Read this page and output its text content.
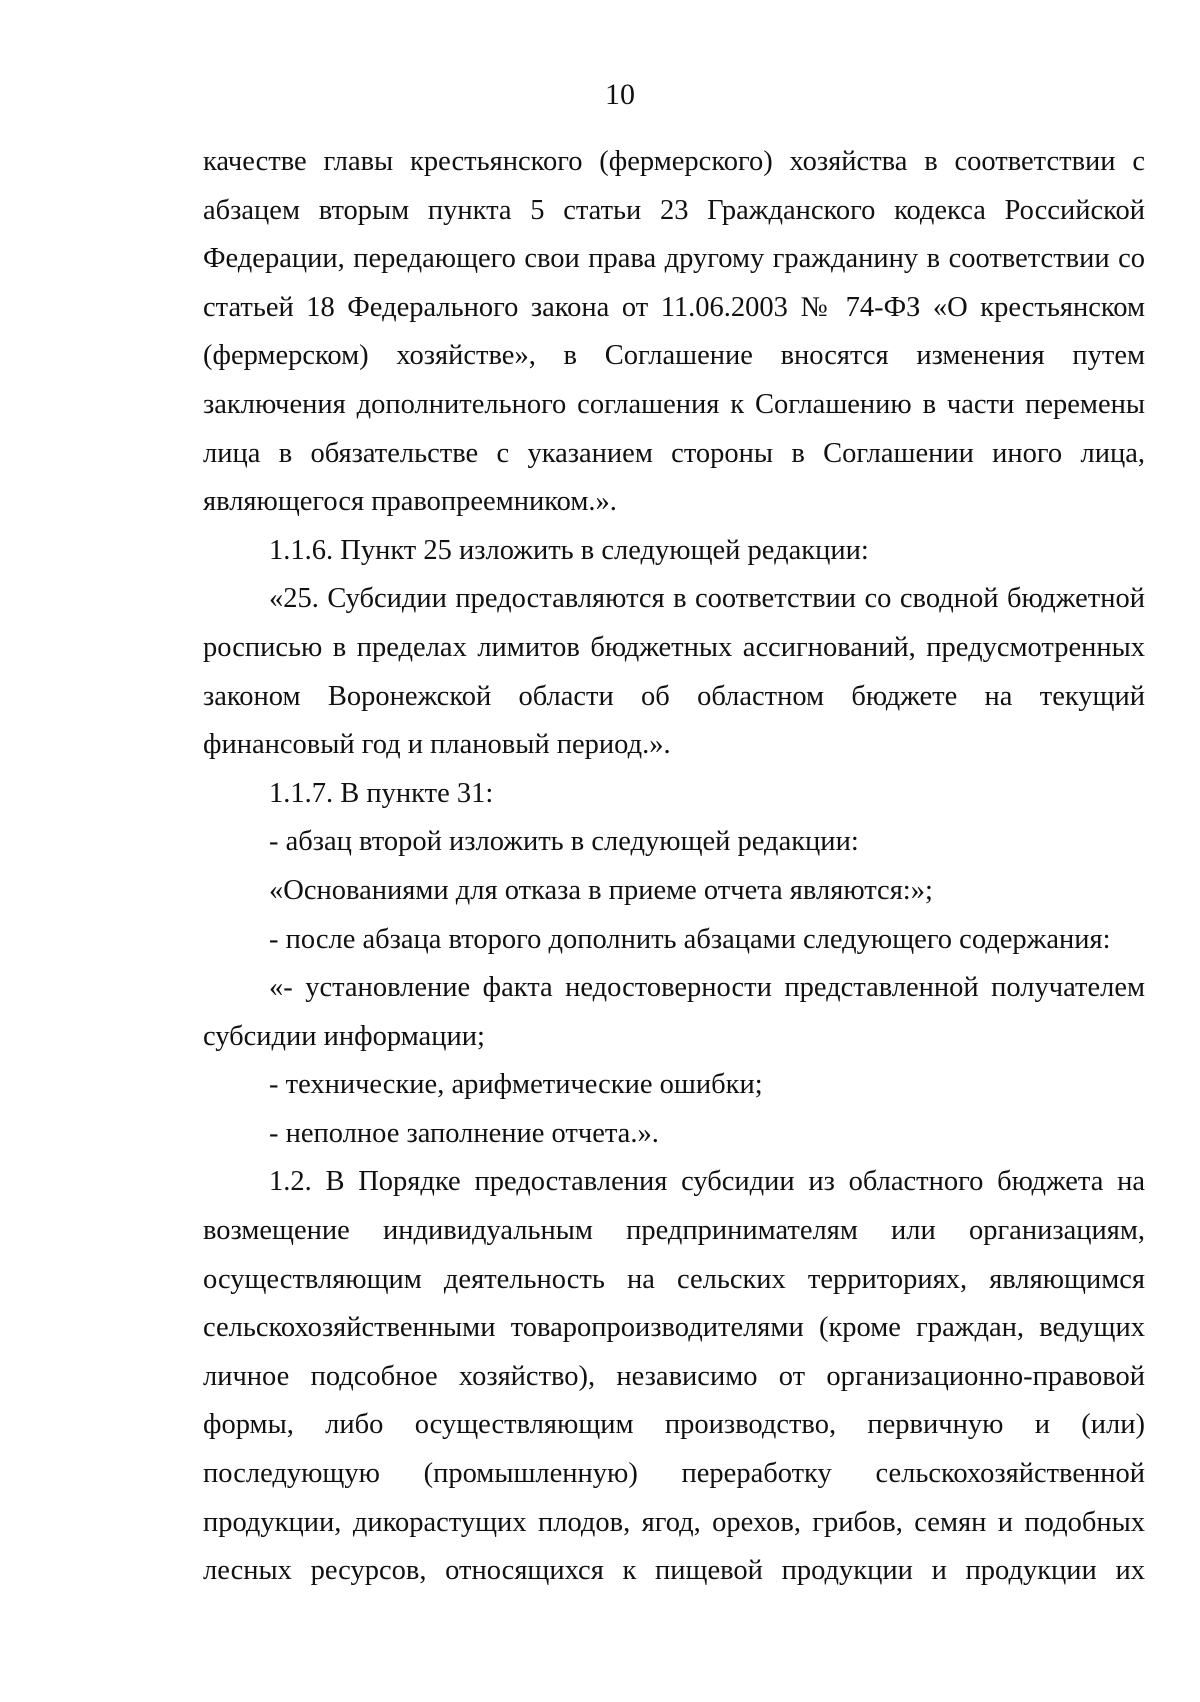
10

качестве главы крестьянского (фермерского) хозяйства в соответствии с абзацем вторым пункта 5 статьи 23 Гражданского кодекса Российской Федерации, передающего свои права другому гражданину в соответствии со статьей 18 Федерального закона от 11.06.2003 № 74-ФЗ «О крестьянском (фермерском) хозяйстве», в Соглашение вносятся изменения путем заключения дополнительного соглашения к Соглашению в части перемены лица в обязательстве с указанием стороны в Соглашении иного лица, являющегося правопреемником.».

1.1.6. Пункт 25 изложить в следующей редакции:

«25. Субсидии предоставляются в соответствии со сводной бюджетной росписью в пределах лимитов бюджетных ассигнований, предусмотренных законом Воронежской области об областном бюджете на текущий финансовый год и плановый период.».

1.1.7. В пункте 31:

- абзац второй изложить в следующей редакции:

«Основаниями для отказа в приеме отчета являются:»;

- после абзаца второго дополнить абзацами следующего содержания:

«- установление факта недостоверности представленной получателем субсидии информации;

- технические, арифметические ошибки;

- неполное заполнение отчета.».

1.2. В Порядке предоставления субсидии из областного бюджета на возмещение индивидуальным предпринимателям или организациям, осуществляющим деятельность на сельских территориях, являющимся сельскохозяйственными товаропроизводителями (кроме граждан, ведущих личное подсобное хозяйство), независимо от организационно-правовой формы, либо осуществляющим производство, первичную и (или) последующую (промышленную) переработку сельскохозяйственной продукции, дикорастущих плодов, ягод, орехов, грибов, семян и подобных лесных ресурсов, относящихся к пищевой продукции и продукции их
